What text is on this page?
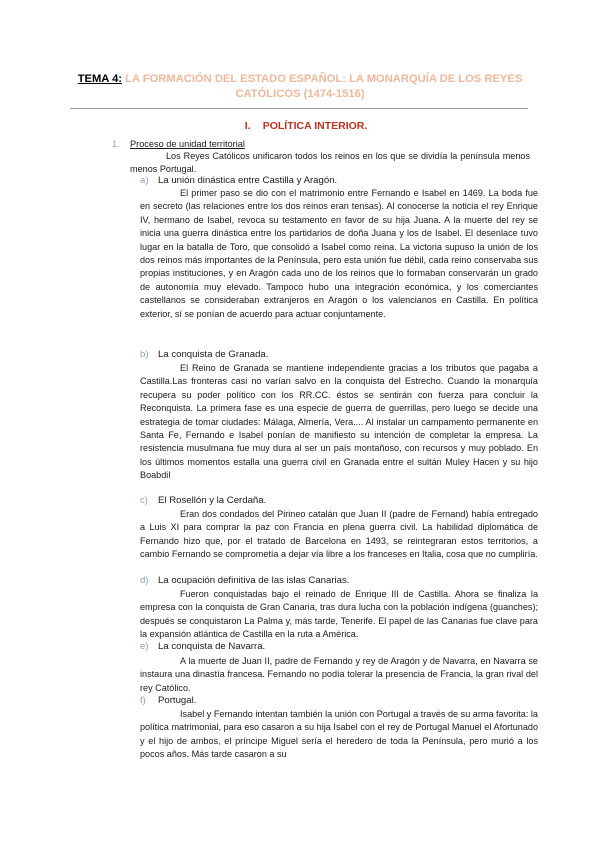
TEMA 4: LA FORMACIÓN DEL ESTADO ESPAÑOL: LA MONARQUÍA DE LOS REYES CATÓLICOS (1474-1516)
I. POLÍTICA INTERIOR.
1. Proceso de unidad territorial

Los Reyes Católicos unificaron todos los reinos en los que se dividía la península menos menos Portugal.

a) La unión dinástica entre Castilla y Aragón.

El primer paso se dio con el matrimonio entre Fernando e Isabel en 1469. La boda fue en secreto (las relaciones entre los dos reinos eran tensas). Al conocerse la noticia el rey Enrique IV, hermano de Isabel, revoca su testamento en favor de su hija Juana. A la muerte del rey se inicia una guerra dinástica entre los partidarios de doña Juana y los de Isabel. El desenlace tuvo lugar en la batalla de Toro, que consolidó a Isabel como reina. La victoria supuso la unión de los dos reinos más importantes de la Península, pero esta unión fue débil, cada reino conservaba sus propias instituciones, y en Aragón cada uno de los reinos que lo formaban conservarán un grado de autonomía muy elevado. Tampoco hubo una integración económica, y los comerciantes castellanos se consideraban extranjeros en Aragón o los valencianos en Castilla. En política exterior, sí se ponían de acuerdo para actuar conjuntamente.

b) La conquista de Granada.

El Reino de Granada se mantiene independiente gracias a los tributos que pagaba a Castilla.Las fronteras casi no varían salvo en la conquista del Estrecho. Cuando la monarquía recupera su poder político con los RR.CC. éstos se sentirán con fuerza para concluir la Reconquista. La primera fase es una especie de guerra de guerrillas, pero luego se decide una estrategia de tomar ciudades: Málaga, Almería, Vera.... Al instalar un campamento permanente en Santa Fe, Fernando e Isabel ponían de manifiesto su intención de completar la empresa. La resistencia musulmana fue muy dura al ser un país montañoso, con recursos y muy poblado. En los últimos momentos estalla una guerra civil en Granada entre el sultán Muley Hacen y su hijo Boabdil

c) El Rosellón y la Cerdaña.

Eran dos condados del Pirineo catalán que Juan II (padre de Fernand) había entregado a Luis XI para comprar la paz con Francia en plena guerra civil. La habilidad diplomática de Fernando hizo que, por el tratado de Barcelona en 1493, se reintegraran estos territorios, a cambio Fernando se comprometía a dejar vía libre a los franceses en Italia, cosa que no cumpliría.

d) La ocupación definitiva de las islas Canarias.

Fueron conquistadas bajo el reinado de Enrique III de Castilla. Ahora se finaliza la empresa con la conquista de Gran Canaria, tras dura lucha con la población indígena (guanches); después se conquistaron La Palma y, más tarde, Tenerife. El papel de las Canarias fue clave para la expansión atlántica de Castilla en la ruta a América.

e) La conquista de Navarra.

A la muerte de Juan II, padre de Fernando y rey de Aragón y de Navarra, en Navarra se instaura una dinastía francesa. Fernando no podía tolerar la presencia de Francia, la gran rival del rey Católico.

f) Portugal.

Isabel y Fernando intentan también la unión con Portugal a través de su arma favorita: la política matrimonial, para eso casaron a su hija Isabel con el rey de Portugal Manuel el Afortunado y el hijo de ambos, el príncipe Miguel sería el heredero de toda la Península, pero murió a los pocos años. Más tarde casaron a su
